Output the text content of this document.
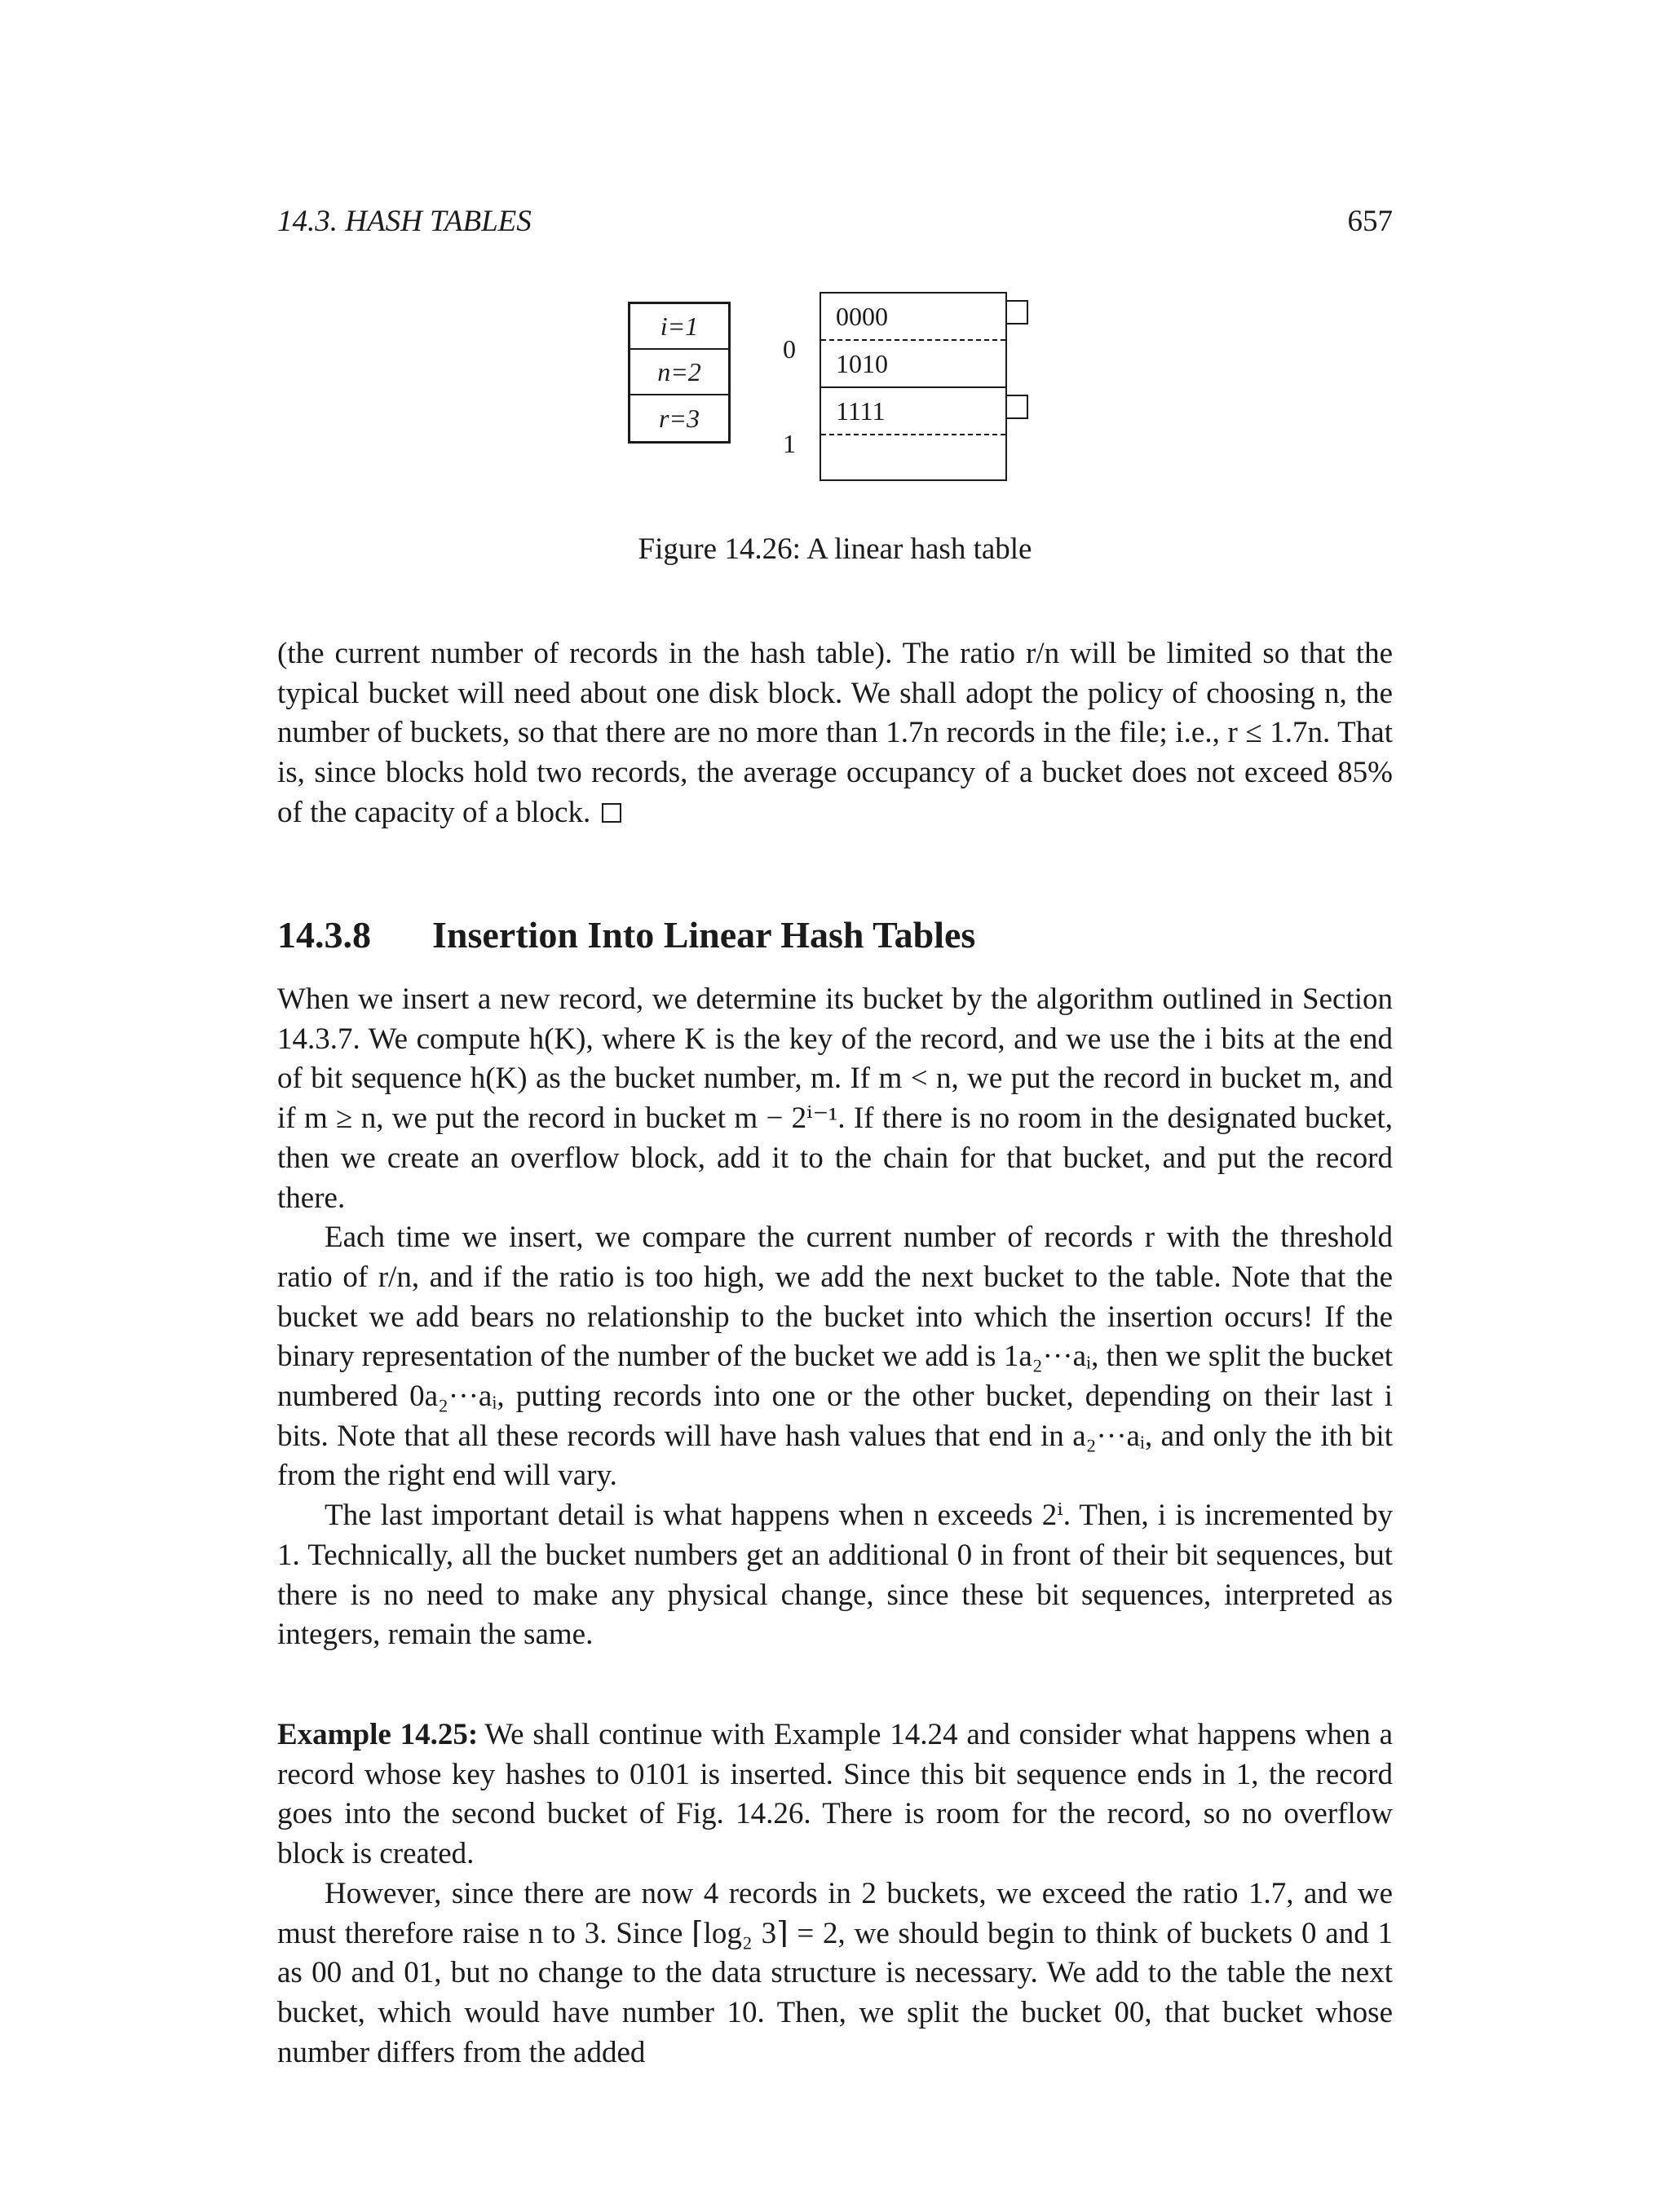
14.3. HASH TABLES	657
i=1
n=2
r=3
0
0000
1010
1
1111
Figure 14.26: A linear hash table

(the current number of records in the hash table). The ratio r/n will be limited so that the typical bucket will need about one disk block. We shall adopt the policy of choosing n, the number of buckets, so that there are no more than 1.7n records in the file; i.e., r ≤ 1.7n. That is, since blocks hold two records, the average occupancy of a bucket does not exceed 85% of the capacity of a block.

14.3.8 Insertion Into Linear Hash Tables

When we insert a new record, we determine its bucket by the algorithm outlined in Section 14.3.7. We compute h(K), where K is the key of the record, and we use the i bits at the end of bit sequence h(K) as the bucket number, m. If m < n, we put the record in bucket m, and if m ≥ n, we put the record in bucket m − 2ⁱ⁻¹. If there is no room in the designated bucket, then we create an overflow block, add it to the chain for that bucket, and put the record there.

Each time we insert, we compare the current number of records r with the threshold ratio of r/n, and if the ratio is too high, we add the next bucket to the table. Note that the bucket we add bears no relationship to the bucket into which the insertion occurs! If the binary representation of the number of the bucket we add is 1a₂···aᵢ, then we split the bucket numbered 0a₂···aᵢ, putting records into one or the other bucket, depending on their last i bits. Note that all these records will have hash values that end in a₂···aᵢ, and only the ith bit from the right end will vary.

The last important detail is what happens when n exceeds 2ⁱ. Then, i is incremented by 1. Technically, all the bucket numbers get an additional 0 in front of their bit sequences, but there is no need to make any physical change, since these bit sequences, interpreted as integers, remain the same.

Example 14.25: We shall continue with Example 14.24 and consider what happens when a record whose key hashes to 0101 is inserted. Since this bit sequence ends in 1, the record goes into the second bucket of Fig. 14.26. There is room for the record, so no overflow block is created.

However, since there are now 4 records in 2 buckets, we exceed the ratio 1.7, and we must therefore raise n to 3. Since ⌈log₂ 3⌉ = 2, we should begin to think of buckets 0 and 1 as 00 and 01, but no change to the data structure is necessary. We add to the table the next bucket, which would have number 10. Then, we split the bucket 00, that bucket whose number differs from the added
